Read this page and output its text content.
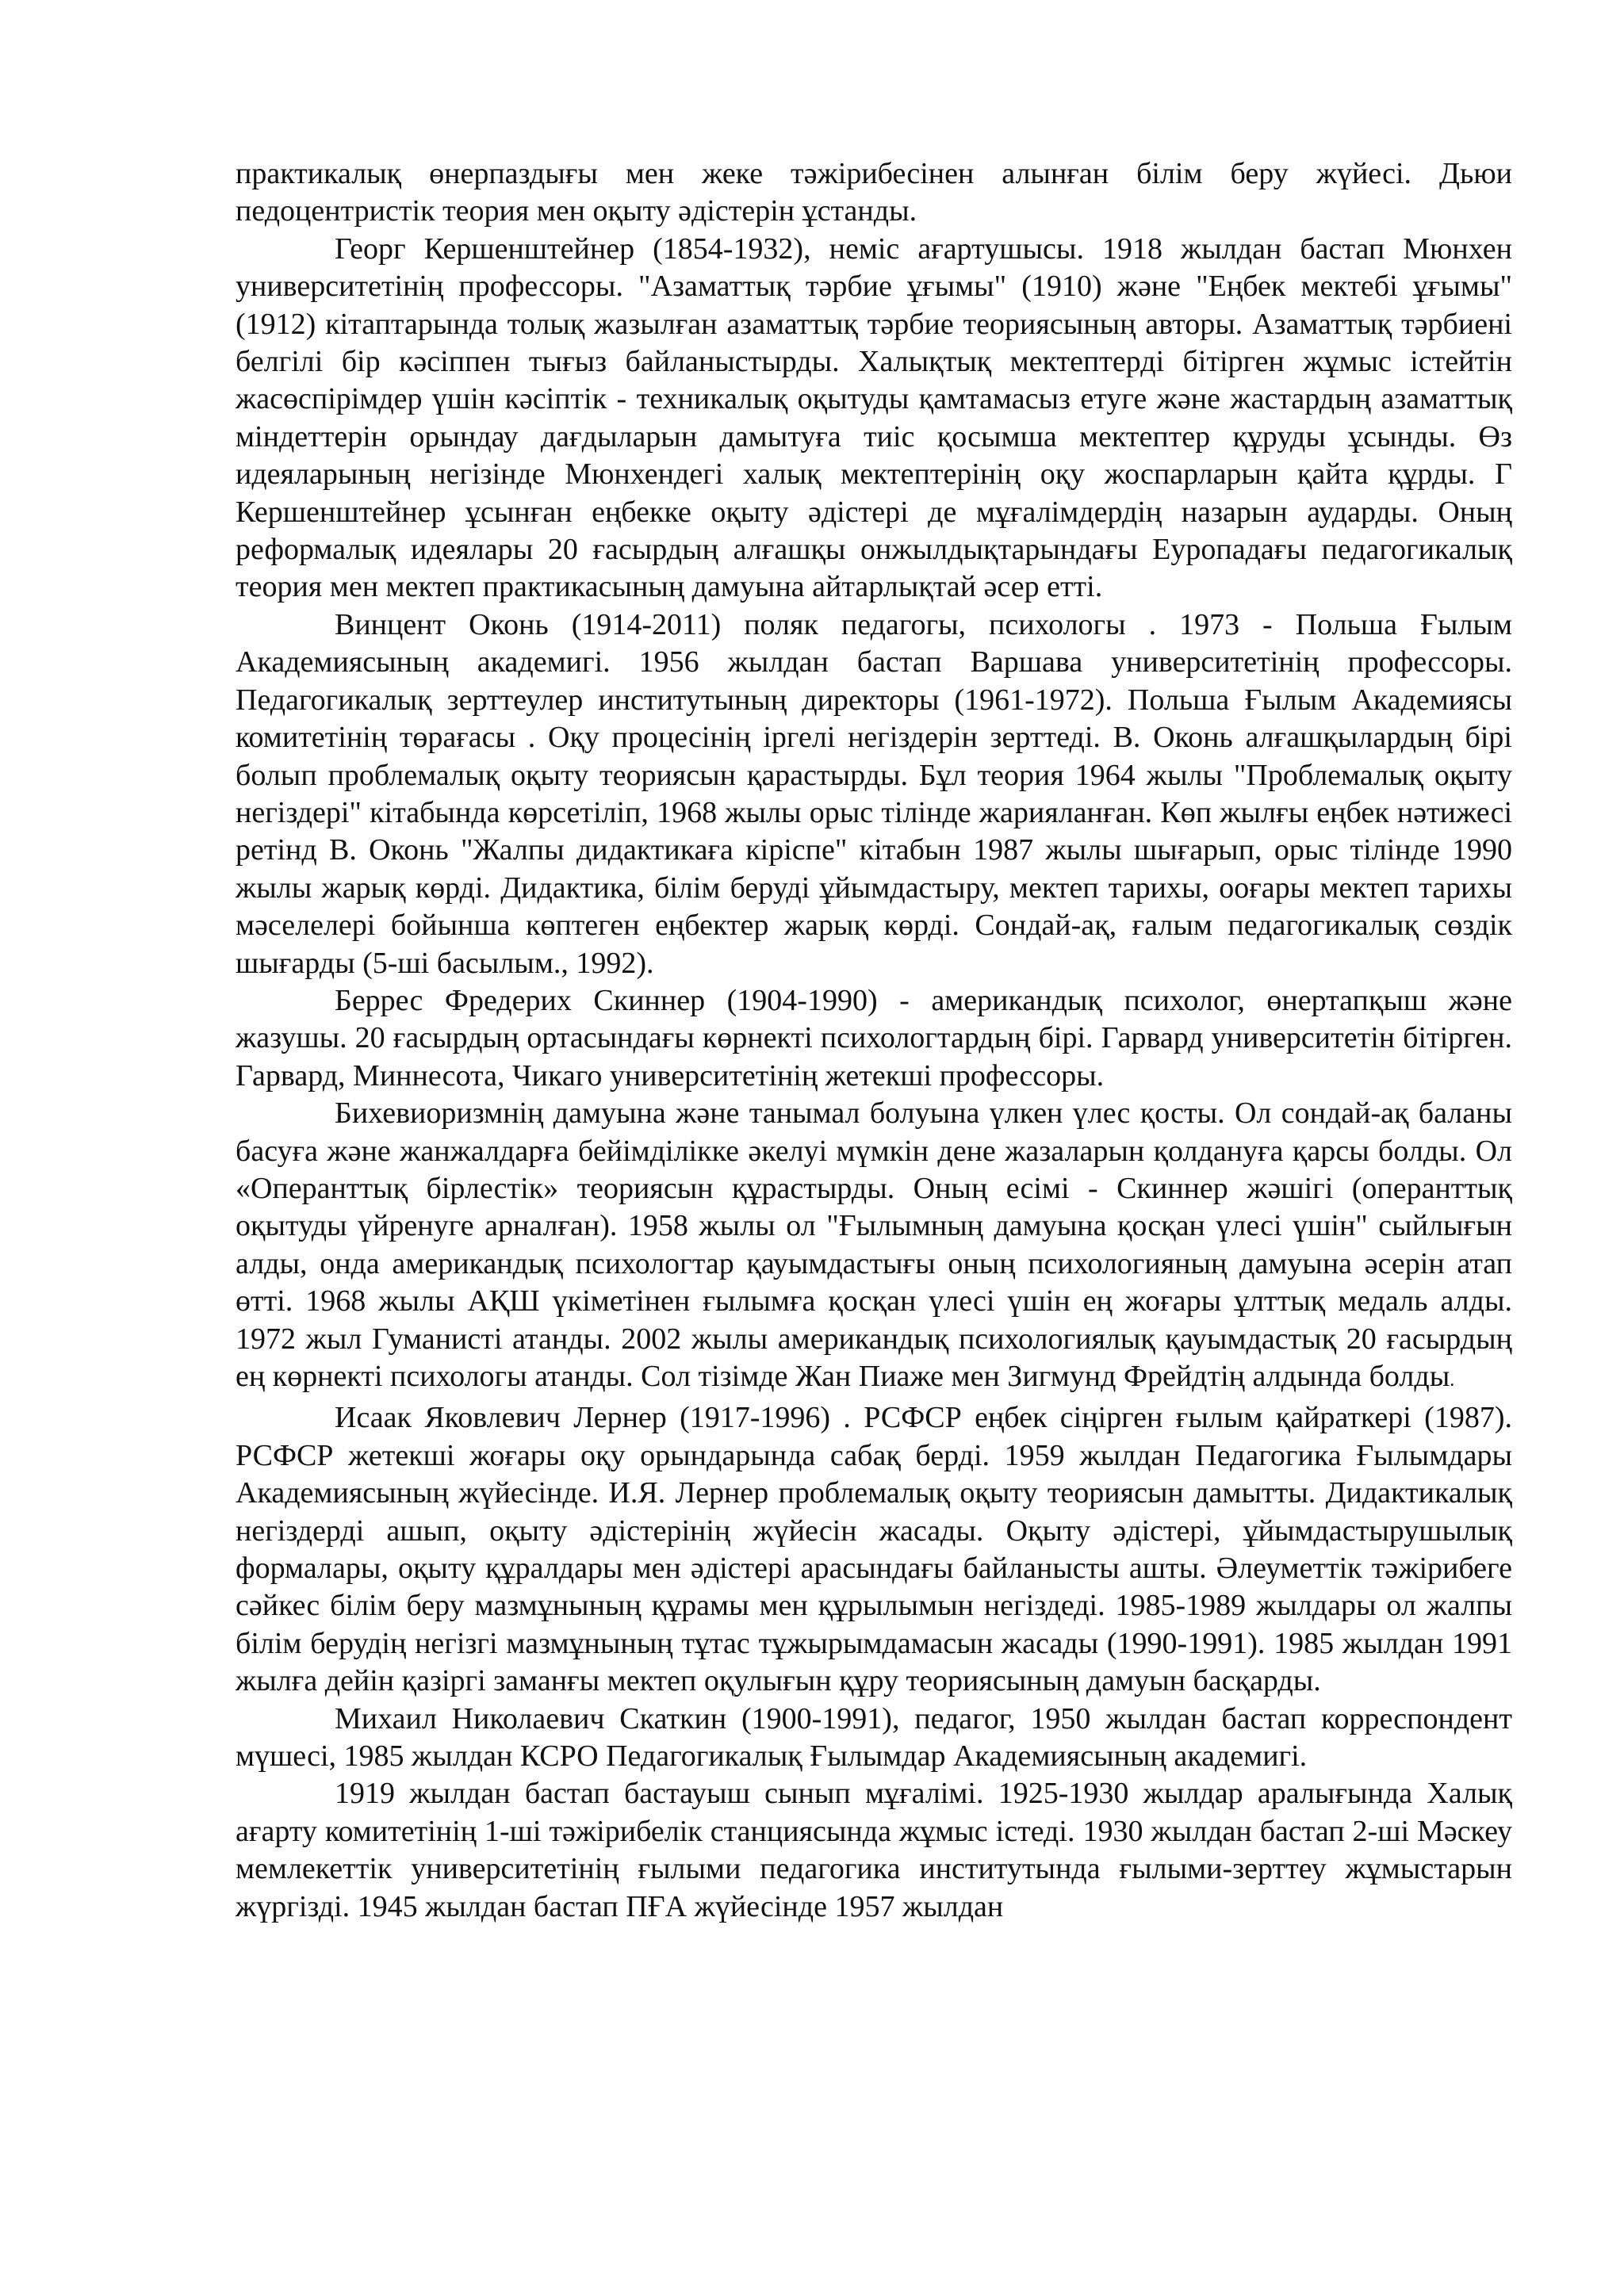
практикалық өнерпаздығы мен жеке тәжірибесінен алынған білім беру жүйесі. Дьюи педоцентристік теория мен оқыту әдістерін ұстанды.

Георг Кершенштейнер (1854-1932), неміс ағартушысы. 1918 жылдан бастап Мюнхен университетінің профессоры. "Азаматтық тәрбие ұғымы" (1910) және "Еңбек мектебі ұғымы" (1912) кітаптарында толық жазылған азаматтық тәрбие теориясының авторы. Азаматтық тәрбиені белгілі бір кәсіппен тығыз байланыстырды. Халықтық мектептерді бітірген жұмыс істейтін жасөспірімдер үшін кәсіптік - техникалық оқытуды қамтамасыз етуге және жастардың азаматтық міндеттерін орындау дағдыларын дамытуға тиіс қосымша мектептер құруды ұсынды. Өз идеяларының негізінде Мюнхендегі халық мектептерінің оқу жоспарларын қайта құрды. Г Кершенштейнер ұсынған еңбекке оқыту әдістері де мұғалімдердің назарын аударды. Оның реформалық идеялары 20 ғасырдың алғашқы онжылдықтарындағы Еуропадағы педагогикалық теория мен мектеп практикасының дамуына айтарлықтай әсер етті.

Винцент Оконь (1914-2011) поляк педагогы, психологы . 1973 - Польша Ғылым Академиясының академигі. 1956 жылдан бастап Варшава университетінің профессоры. Педагогикалық зерттеулер институтының директоры (1961-1972). Польша Ғылым Академиясы комитетінің төрағасы . Оқу процесінің іргелі негіздерін зерттеді. В. Оконь алғашқылардың бірі болып проблемалық оқыту теориясын қарастырды. Бұл теория 1964 жылы "Проблемалық оқыту негіздері" кітабында көрсетіліп, 1968 жылы орыс тілінде жарияланған. Көп жылғы еңбек нәтижесі ретінд В. Оконь "Жалпы дидактикаға кіріспе" кітабын 1987 жылы шығарып, орыс тілінде 1990 жылы жарық көрді. Дидактика, білім беруді ұйымдастыру, мектеп тарихы, ооғары мектеп тарихы мәселелері бойынша көптеген еңбектер жарық көрді. Сондай-ақ, ғалым педагогикалық сөздік шығарды (5-ші басылым., 1992).

Беррес Фредерих Скиннер (1904-1990) - американдық психолог, өнертапқыш және жазушы. 20 ғасырдың ортасындағы көрнекті психологтардың бірі. Гарвард университетін бітірген. Гарвард, Миннесота, Чикаго университетінің жетекші профессоры.

Бихевиоризмнің дамуына және танымал болуына үлкен үлес қосты. Ол сондай-ақ баланы басуға және жанжалдарға бейімділікке әкелуі мүмкін дене жазаларын қолдануға қарсы болды. Ол «Операнттық бірлестік» теориясын құрастырды. Оның есімі - Скиннер жәшігі (операнттық оқытуды үйренуге арналған). 1958 жылы ол "Ғылымның дамуына қосқан үлесі үшін" сыйлығын алды, онда американдық психологтар қауымдастығы оның психологияның дамуына әсерін атап өтті. 1968 жылы АҚШ үкіметінен ғылымға қосқан үлесі үшін ең жоғары ұлттық медаль алды. 1972 жыл Гуманисті атанды. 2002 жылы американдық психологиялық қауымдастық 20 ғасырдың ең көрнекті психологы атанды. Сол тізімде Жан Пиаже мен Зигмунд Фрейдтің алдында болды.

Исаак Яковлевич Лернер (1917-1996) . РСФСР еңбек сіңірген ғылым қайраткері (1987). РСФСР жетекші жоғары оқу орындарында сабақ берді. 1959 жылдан Педагогика Ғылымдары Академиясының жүйесінде. И.Я. Лернер проблемалық оқыту теориясын дамытты. Дидактикалық негіздерді ашып, оқыту әдістерінің жүйесін жасады. Оқыту әдістері, ұйымдастырушылық формалары, оқыту құралдары мен әдістері арасындағы байланысты ашты. Әлеуметтік тәжірибеге сәйкес білім беру мазмұнының құрамы мен құрылымын негіздеді. 1985-1989 жылдары ол жалпы білім берудің негізгі мазмұнының тұтас тұжырымдамасын жасады (1990-1991). 1985 жылдан 1991 жылға дейін қазіргі заманғы мектеп оқулығын құру теориясының дамуын басқарды.

Михаил Николаевич Скаткин (1900-1991), педагог, 1950 жылдан бастап корреспондент мүшесі, 1985 жылдан КСРО Педагогикалық Ғылымдар Академиясының академигі.

1919 жылдан бастап бастауыш сынып мұғалімі. 1925-1930 жылдар аралығында Халық ағарту комитетінің 1-ші тәжірибелік станциясында жұмыс істеді. 1930 жылдан бастап 2-ші Мәскеу мемлекеттік университетінің ғылыми педагогика институтында ғылыми-зерттеу жұмыстарын жүргізді. 1945 жылдан бастап ПҒА жүйесінде 1957 жылдан
